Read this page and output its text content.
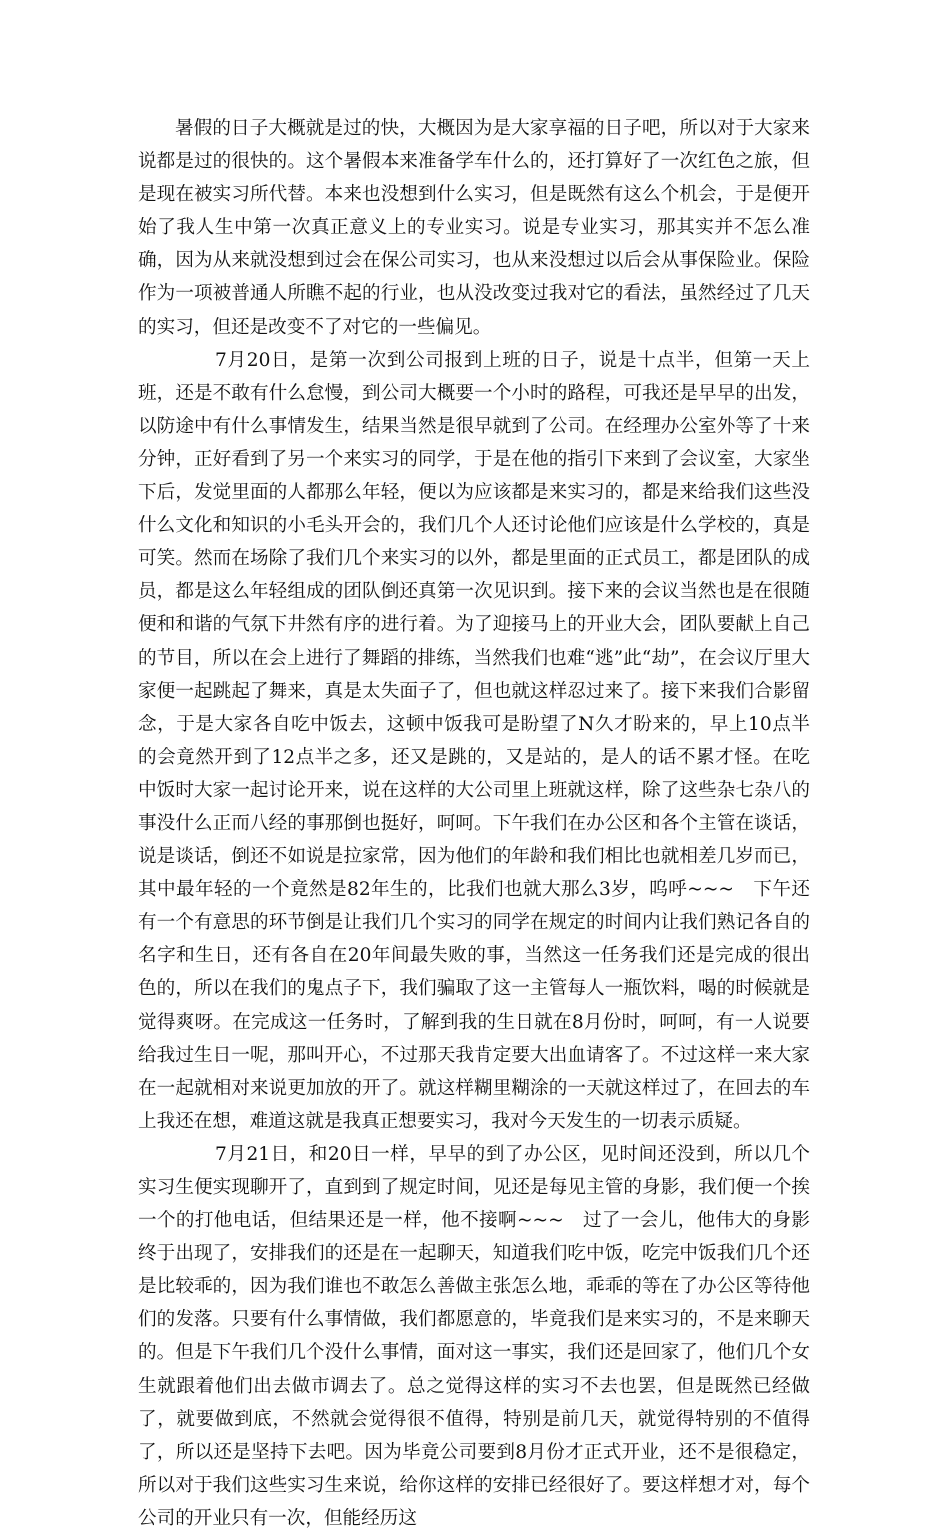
暑假的日子大概就是过的快，大概因为是大家享福的日子吧，所以对于大家来说都是过的很快的。这个暑假本来准备学车什么的，还打算好了一次红色之旅，但是现在被实习所代替。本来也没想到什么实习，但是既然有这么个机会，于是便开始了我人生中第一次真正意义上的专业实习。说是专业实习，那其实并不怎么准确，因为从来就没想到过会在保公司实习，也从来没想过以后会从事保险业。保险作为一项被普通人所瞧不起的行业，也从没改变过我对它的看法，虽然经过了几天的实习，但还是改变不了对它的一些偏见。

7月20日，是第一次到公司报到上班的日子，说是十点半，但第一天上班，还是不敢有什么怠慢，到公司大概要一个小时的路程，可我还是早早的出发，以防途中有什么事情发生，结果当然是很早就到了公司。在经理办公室外等了十来分钟，正好看到了另一个来实习的同学，于是在他的指引下来到了会议室，大家坐下后，发觉里面的人都那么年轻，便以为应该都是来实习的，都是来给我们这些没什么文化和知识的小毛头开会的，我们几个人还讨论他们应该是什么学校的，真是可笑。然而在场除了我们几个来实习的以外，都是里面的正式员工，都是团队的成员，都是这么年轻组成的团队倒还真第一次见识到。接下来的会议当然也是在很随便和和谐的气氛下井然有序的进行着。为了迎接马上的开业大会，团队要献上自己的节目，所以在会上进行了舞蹈的排练，当然我们也难“逃”此“劫”，在会议厅里大家便一起跳起了舞来，真是太失面子了，但也就这样忍过来了。接下来我们合影留念，于是大家各自吃中饭去，这顿中饭我可是盼望了N久才盼来的，早上10点半的会竟然开到了12点半之多，还又是跳的，又是站的，是人的话不累才怪。在吃中饭时大家一起讨论开来，说在这样的大公司里上班就这样，除了这些杂七杂八的事没什么正而八经的事那倒也挺好，呵呵。下午我们在办公区和各个主管在谈话，说是谈话，倒还不如说是拉家常，因为他们的年龄和我们相比也就相差几岁而已，其中最年轻的一个竟然是82年生的，比我们也就大那么3岁，呜呼~~~　下午还有一个有意思的环节倒是让我们几个实习的同学在规定的时间内让我们熟记各自的名字和生日，还有各自在20年间最失败的事，当然这一任务我们还是完成的很出色的，所以在我们的鬼点子下，我们骗取了这一主管每人一瓶饮料，喝的时候就是觉得爽呀。在完成这一任务时，了解到我的生日就在8月份时，呵呵，有一人说要给我过生日一呢，那叫开心，不过那天我肯定要大出血请客了。不过这样一来大家在一起就相对来说更加放的开了。就这样糊里糊涂的一天就这样过了，在回去的车上我还在想，难道这就是我真正想要实习，我对今天发生的一切表示质疑。

7月21日，和20日一样，早早的到了办公区，见时间还没到，所以几个实习生便实现聊开了，直到到了规定时间，见还是每见主管的身影，我们便一个挨一个的打他电话，但结果还是一样，他不接啊~~~　过了一会儿，他伟大的身影终于出现了，安排我们的还是在一起聊天，知道我们吃中饭，吃完中饭我们几个还是比较乖的，因为我们谁也不敢怎么善做主张怎么地，乖乖的等在了办公区等待他们的发落。只要有什么事情做，我们都愿意的，毕竟我们是来实习的，不是来聊天的。但是下午我们几个没什么事情，面对这一事实，我们还是回家了，他们几个女生就跟着他们出去做市调去了。总之觉得这样的实习不去也罢，但是既然已经做了，就要做到底，不然就会觉得很不值得，特别是前几天，就觉得特别的不值得了，所以还是坚持下去吧。因为毕竟公司要到8月份才正式开业，还不是很稳定，所以对于我们这些实习生来说，给你这样的安排已经很好了。要这样想才对，每个公司的开业只有一次，但能经历这
